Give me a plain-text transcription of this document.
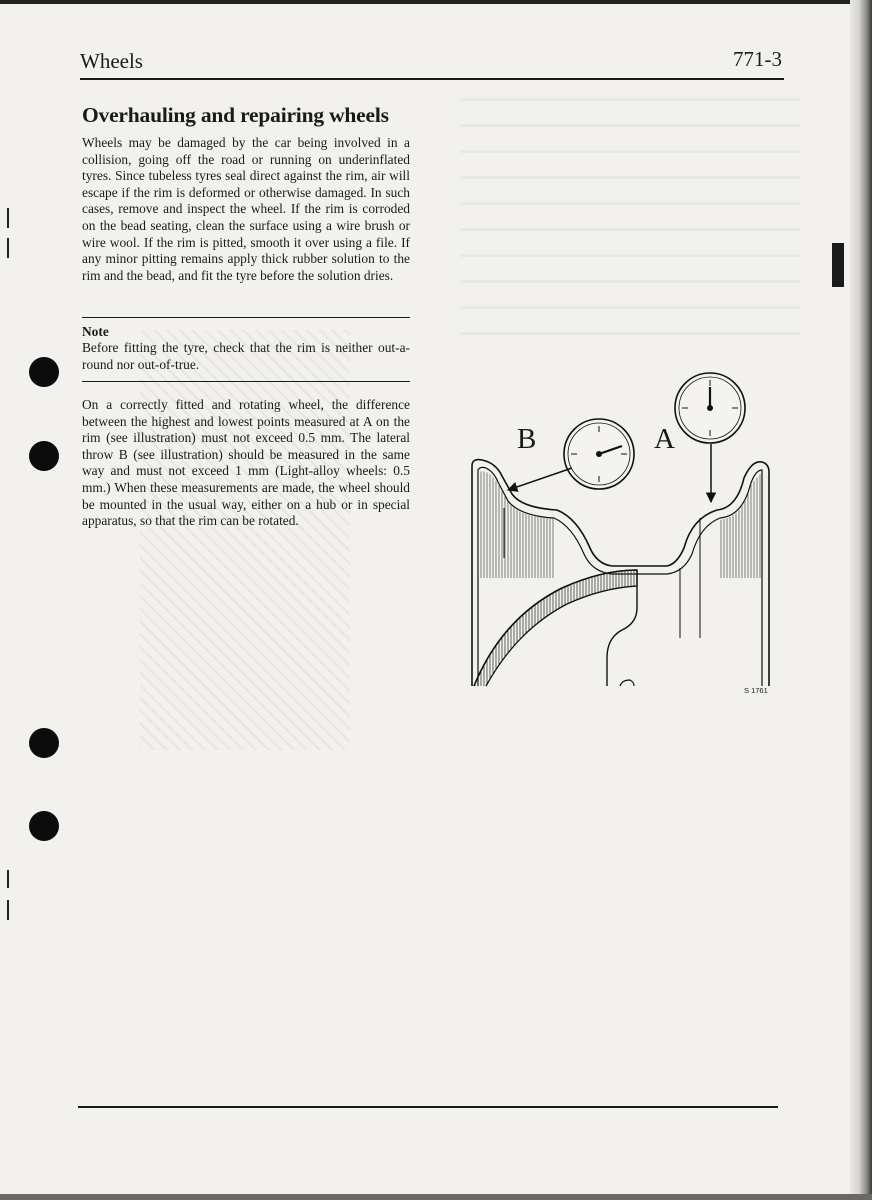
Wheels	771-3
Overhauling and repairing wheels

Wheels may be damaged by the car being involved in a collision, going off the road or running on underinflated tyres. Since tubeless tyres seal direct against the rim, air will escape if the rim is deformed or otherwise damaged. In such cases, remove and inspect the wheel. If the rim is corroded on the bead seating, clean the surface using a wire brush or wire wool. If the rim is pitted, smooth it over using a file. If any minor pitting remains apply thick rubber solution to the rim and the bead, and fit the tyre before the solution dries.

Note
Before fitting the tyre, check that the rim is neither out-a-round nor out-of-true.

On a correctly fitted and rotating wheel, the difference between the highest and lowest points measured at A on the rim (see illustration) must not exceed 0.5 mm. The lateral throw B (see illustration) should be measured in the same way and must not exceed 1 mm (Light-alloy wheels: 0.5 mm.) When these measurements are made, the wheel should be mounted in the usual way, either on a hub or in special apparatus, so that the rim can be rotated.

B	A
S 1761
